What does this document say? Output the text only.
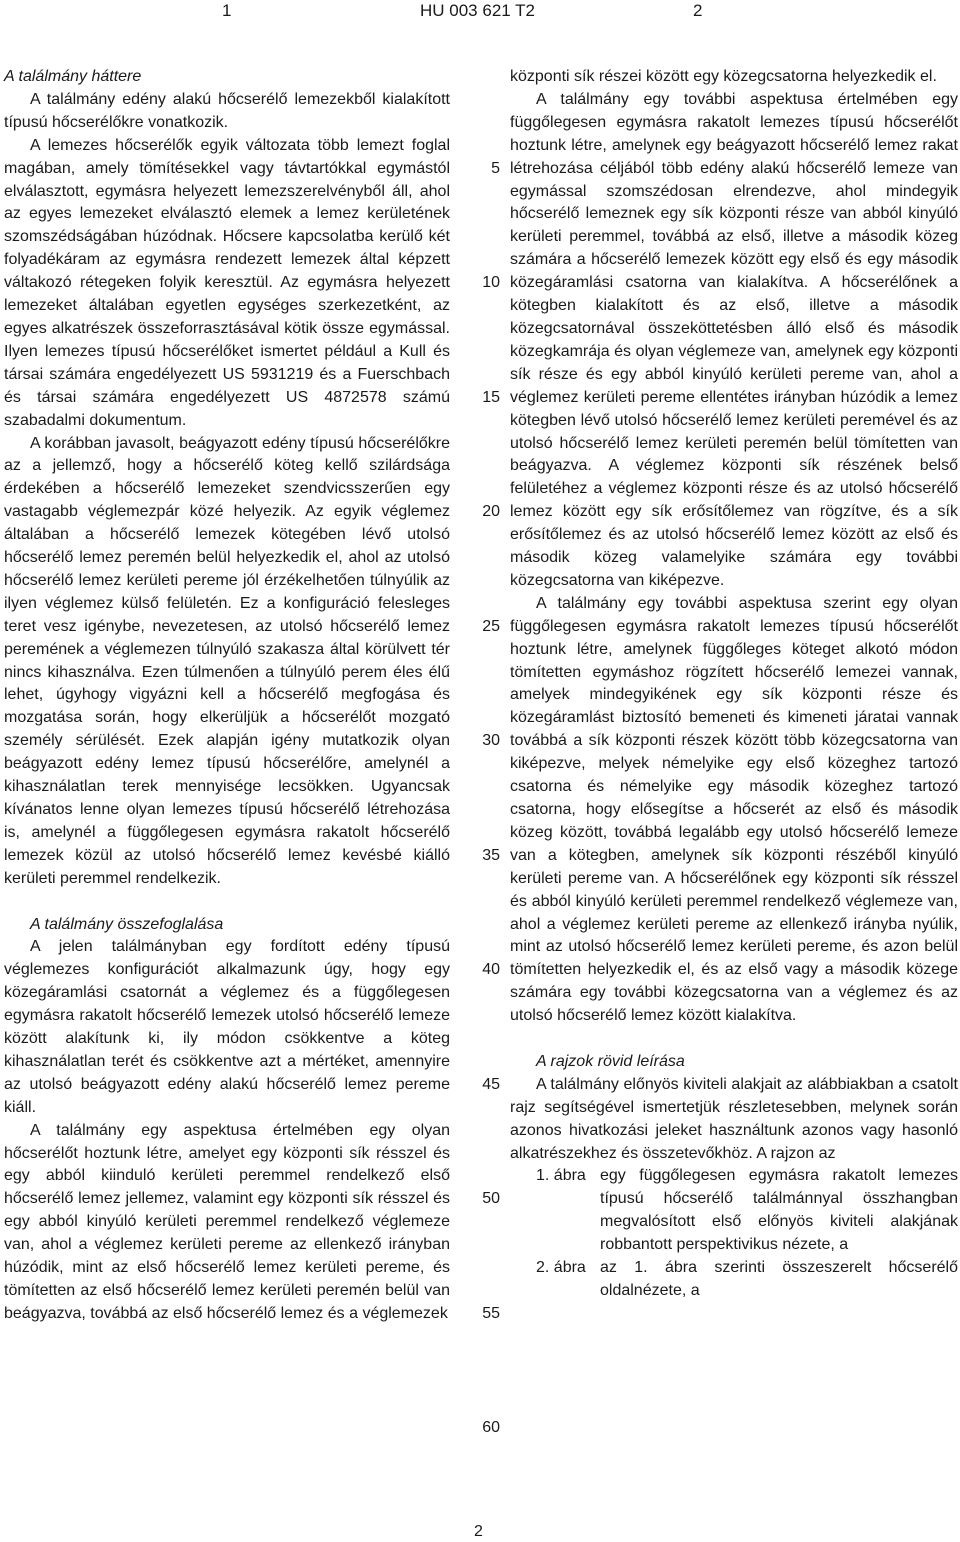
1	HU 003 621 T2	2
A találmány háttere

A találmány edény alakú hőcserélő lemezekből kialakított típusú hőcserélőkre vonatkozik.

A lemezes hőcserélők egyik változata több lemezt foglal magában, amely tömítésekkel vagy távtartókkal egymástól elválasztott, egymásra helyezett lemezszerelvényből áll, ahol az egyes lemezeket elválasztó elemek a lemez kerületének szomszédságában húzódnak. Hőcsere kapcsolatba kerülő két folyadékáram az egymásra rendezett lemezek által képzett váltakozó rétegeken folyik keresztül. Az egymásra helyezett lemezeket általában egyetlen egységes szerkezetként, az egyes alkatrészek összeforrasztásával kötik össze egymással. Ilyen lemezes típusú hőcserélőket ismertet például a Kull és társai számára engedélyezett US 5931219 és a Fuerschbach és társai számára engedélyezett US 4872578 számú szabadalmi dokumentum.

A korábban javasolt, beágyazott edény típusú hőcserélőkre az a jellemző, hogy a hőcserélő köteg kellő szilárdsága érdekében a hőcserélő lemezeket szendvicsszerűen egy vastagabb véglemezpár közé helyezik. Az egyik véglemez általában a hőcserélő lemezek kötegében lévő utolsó hőcserélő lemez peremén belül helyezkedik el, ahol az utolsó hőcserélő lemez kerületi pereme jól érzékelhetően túlnyúlik az ilyen véglemez külső felületén. Ez a konfiguráció felesleges teret vesz igénybe, nevezetesen, az utolsó hőcserélő lemez peremének a véglemezen túlnyúló szakasza által körülvett tér nincs kihasználva. Ezen túlmenően a túlnyúló perem éles élű lehet, úgyhogy vigyázni kell a hőcserélő megfogása és mozgatása során, hogy elkerüljük a hőcserélőt mozgató személy sérülését. Ezek alapján igény mutatkozik olyan beágyazott edény lemez típusú hőcserélőre, amelynél a kihasználatlan terek mennyisége lecsökken. Ugyancsak kívánatos lenne olyan lemezes típusú hőcserélő létrehozása is, amelynél a függőlegesen egymásra rakatolt hőcserélő lemezek közül az utolsó hőcserélő lemez kevésbé kiálló kerületi peremmel rendelkezik.

A találmány összefoglalása

A jelen találmányban egy fordított edény típusú véglemezes konfigurációt alkalmazunk úgy, hogy egy közegáramlási csatornát a véglemez és a függőlegesen egymásra rakatolt hőcserélő lemezek utolsó hőcserélő lemeze között alakítunk ki, ily módon csökkentve a köteg kihasználatlan terét és csökkentve azt a mértéket, amennyire az utolsó beágyazott edény alakú hőcserélő lemez pereme kiáll.

A találmány egy aspektusa értelmében egy olyan hőcserélőt hoztunk létre, amelyet egy központi sík résszel és egy abból kiinduló kerületi peremmel rendelkező első hőcserélő lemez jellemez, valamint egy központi sík résszel és egy abból kinyúló kerületi peremmel rendelkező véglemeze van, ahol a véglemez kerületi pereme az ellenkező irányban húzódik, mint az első hőcserélő lemez kerületi pereme, és tömítetten az első hőcserélő lemez kerületi peremén belül van beágyazva, továbbá az első hőcserélő lemez és a véglemezek

5
10
15
20
25
30
35
40
45
50
55
60

központi sík részei között egy közegcsatorna helyezkedik el.

A találmány egy további aspektusa értelmében egy függőlegesen egymásra rakatolt lemezes típusú hőcserélőt hoztunk létre, amelynek egy beágyazott hőcserélő lemez rakat létrehozása céljából több edény alakú hőcserélő lemeze van egymással szomszédosan elrendezve, ahol mindegyik hőcserélő lemeznek egy sík központi része van abból kinyúló kerületi peremmel, továbbá az első, illetve a második közeg számára a hőcserélő lemezek között egy első és egy második közegáramlási csatorna van kialakítva. A hőcserélőnek a kötegben kialakított és az első, illetve a második közegcsatornával összeköttetésben álló első és második közegkamrája és olyan véglemeze van, amelynek egy központi sík része és egy abból kinyúló kerületi pereme van, ahol a véglemez kerületi pereme ellentétes irányban húzódik a lemez kötegben lévő utolsó hőcserélő lemez kerületi peremével és az utolsó hőcserélő lemez kerületi peremén belül tömítetten van beágyazva. A véglemez központi sík részének belső felületéhez a véglemez központi része és az utolsó hőcserélő lemez között egy sík erősítőlemez van rögzítve, és a sík erősítőlemez és az utolsó hőcserélő lemez között az első és második közeg valamelyike számára egy további közegcsatorna van kiképezve.

A találmány egy további aspektusa szerint egy olyan függőlegesen egymásra rakatolt lemezes típusú hőcserélőt hoztunk létre, amelynek függőleges köteget alkotó módon tömítetten egymáshoz rögzített hőcserélő lemezei vannak, amelyek mindegyikének egy sík központi része és közegáramlást biztosító bemeneti és kimeneti járatai vannak továbbá a sík központi részek között több közegcsatorna van kiképezve, melyek némelyike egy első közeghez tartozó csatorna és némelyike egy második közeghez tartozó csatorna, hogy elősegítse a hőcserét az első és második közeg között, továbbá legalább egy utolsó hőcserélő lemeze van a kötegben, amelynek sík központi részéből kinyúló kerületi pereme van. A hőcserélőnek egy központi sík résszel és abból kinyúló kerületi peremmel rendelkező véglemeze van, ahol a véglemez kerületi pereme az ellenkező irányba nyúlik, mint az utolsó hőcserélő lemez kerületi pereme, és azon belül tömítetten helyezkedik el, és az első vagy a második közege számára egy további közegcsatorna van a véglemez és az utolsó hőcserélő lemez között kialakítva.

A rajzok rövid leírása

A találmány előnyös kiviteli alakjait az alábbiakban a csatolt rajz segítségével ismertetjük részletesebben, melynek során azonos hivatkozási jeleket használtunk azonos vagy hasonló alkatrészekhez és összetevőkhöz. A rajzon az

1. ábra egy függőlegesen egymásra rakatolt lemezes típusú hőcserélő találmánnyal összhangban megvalósított első előnyös kiviteli alakjának robbantott perspektivikus nézete, a
2. ábra az 1. ábra szerinti összeszerelt hőcserélő oldalnézete, a
2
